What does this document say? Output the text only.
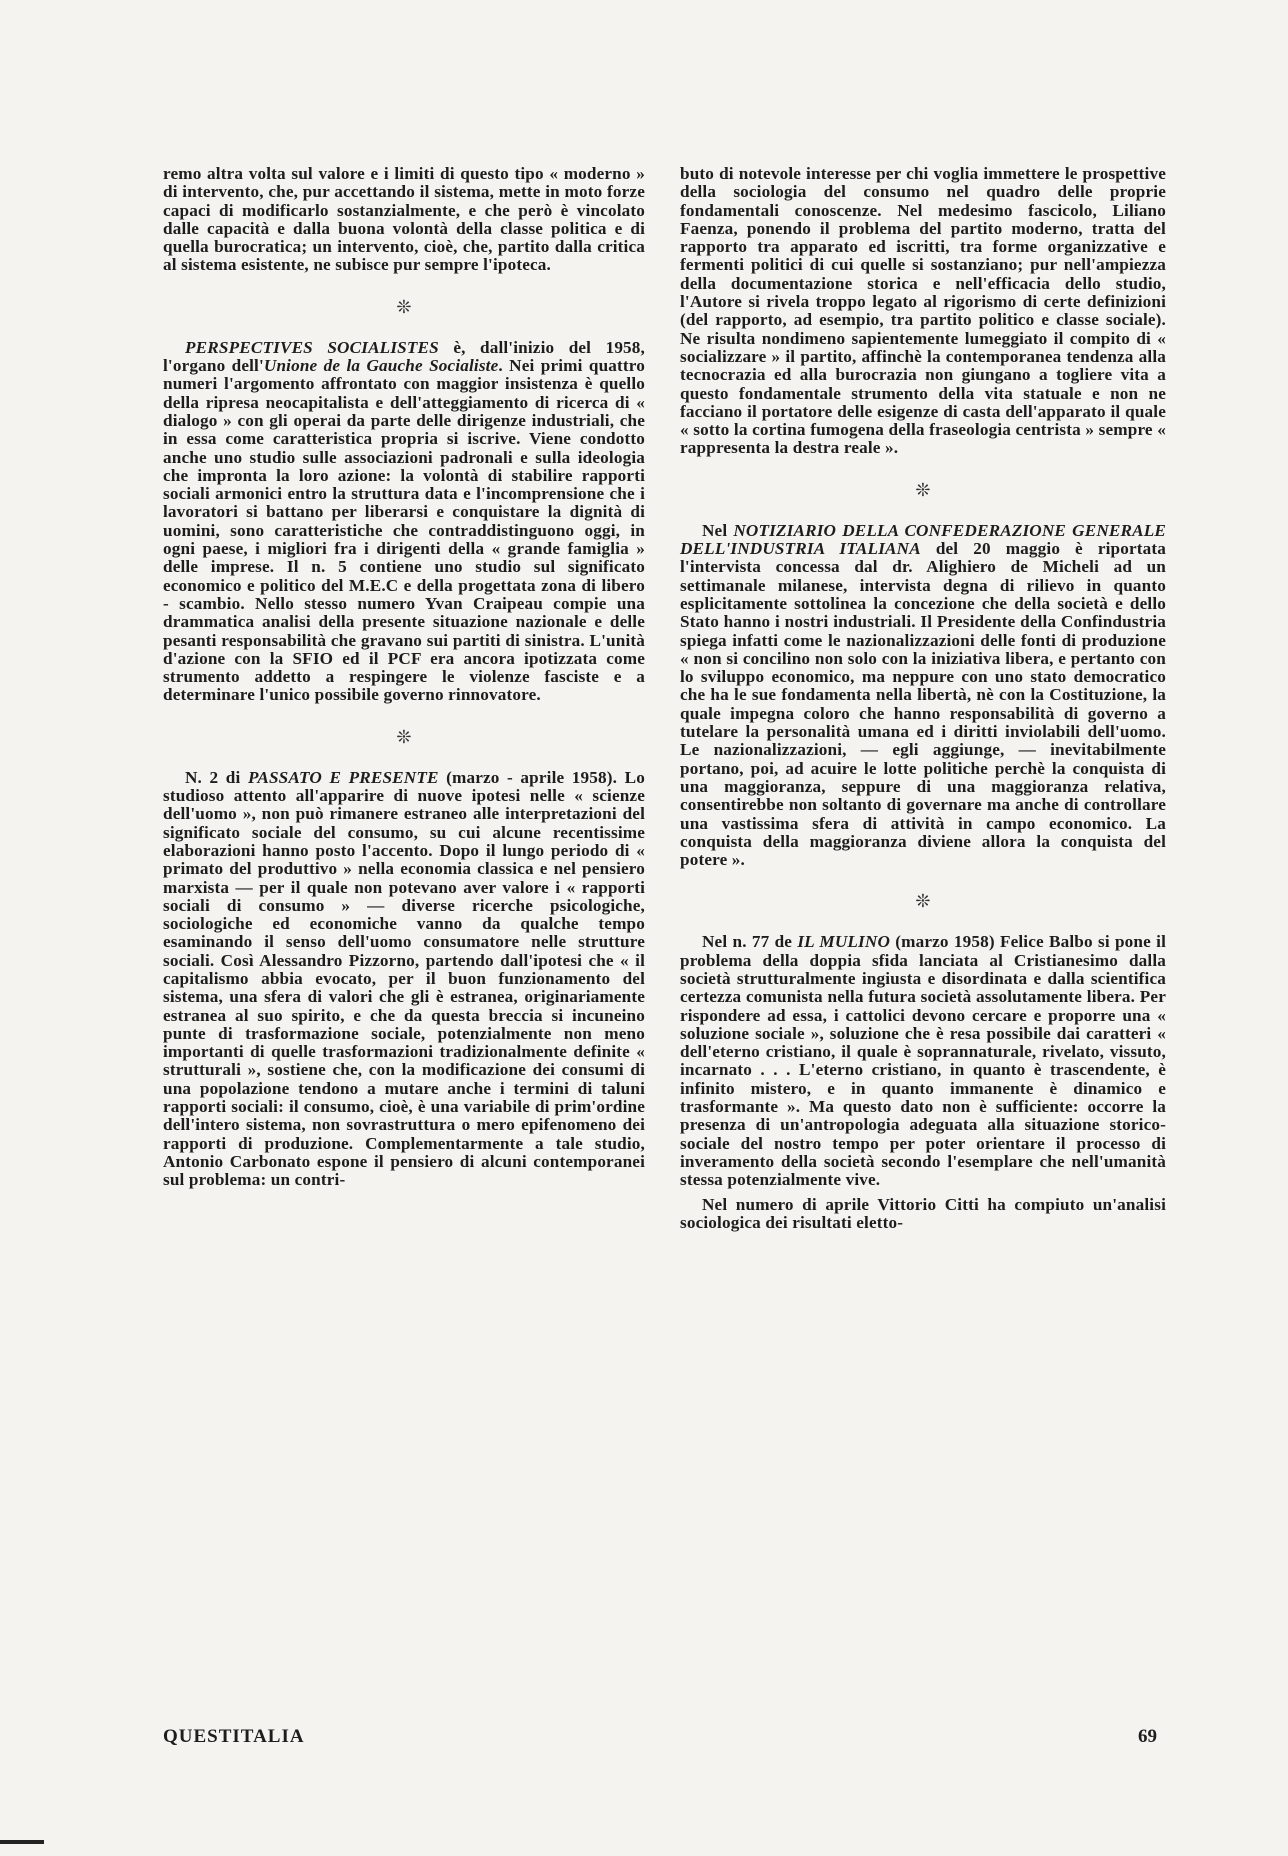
remo altra volta sul valore e i limiti di questo tipo « moderno » di intervento, che, pur accettando il sistema, mette in moto forze capaci di modificarlo sostanzialmente, e che però è vincolato dalle capacità e dalla buona volontà della classe politica e di quella burocratica; un intervento, cioè, che, partito dalla critica al sistema esistente, ne subisce pur sempre l'ipoteca.

❊

PERSPECTIVES SOCIALISTES è, dall'inizio del 1958, l'organo dell'Unione de la Gauche Socialiste. Nei primi quattro numeri l'argomento affrontato con maggior insistenza è quello della ripresa neocapitalista e dell'atteggiamento di ricerca di « dialogo » con gli operai da parte delle dirigenze industriali, che in essa come caratteristica propria si iscrive. Viene condotto anche uno studio sulle associazioni padronali e sulla ideologia che impronta la loro azione: la volontà di stabilire rapporti sociali armonici entro la struttura data e l'incomprensione che i lavoratori si battano per liberarsi e conquistare la dignità di uomini, sono caratteristiche che contraddistinguono oggi, in ogni paese, i migliori fra i dirigenti della « grande famiglia » delle imprese. Il n. 5 contiene uno studio sul significato economico e politico del M.E.C e della progettata zona di libero - scambio. Nello stesso numero Yvan Craipeau compie una drammatica analisi della presente situazione nazionale e delle pesanti responsabilità che gravano sui partiti di sinistra. L'unità d'azione con la SFIO ed il PCF era ancora ipotizzata come strumento addetto a respingere le violenze fasciste e a determinare l'unico possibile governo rinnovatore.

❊

N. 2 di PASSATO E PRESENTE (marzo - aprile 1958). Lo studioso attento all'apparire di nuove ipotesi nelle « scienze dell'uomo », non può rimanere estraneo alle interpretazioni del significato sociale del consumo, su cui alcune recentissime elaborazioni hanno posto l'accento. Dopo il lungo periodo di « primato del produttivo » nella economia classica e nel pensiero marxista — per il quale non potevano aver valore i « rapporti sociali di consumo » — diverse ricerche psicologiche, sociologiche ed economiche vanno da qualche tempo esaminando il senso dell'uomo consumatore nelle strutture sociali. Così Alessandro Pizzorno, partendo dall'ipotesi che « il capitalismo abbia evocato, per il buon funzionamento del sistema, una sfera di valori che gli è estranea, originariamente estranea al suo spirito, e che da questa breccia si incuneino punte di trasformazione sociale, potenzialmente non meno importanti di quelle trasformazioni tradizionalmente definite « strutturali », sostiene che, con la modificazione dei consumi di una popolazione tendono a mutare anche i termini di taluni rapporti sociali: il consumo, cioè, è una variabile di prim'ordine dell'intero sistema, non sovrastruttura o mero epifenomeno dei rapporti di produzione. Complementarmente a tale studio, Antonio Carbonato espone il pensiero di alcuni contemporanei sul problema: un contri-

buto di notevole interesse per chi voglia immettere le prospettive della sociologia del consumo nel quadro delle proprie fondamentali conoscenze. Nel medesimo fascicolo, Liliano Faenza, ponendo il problema del partito moderno, tratta del rapporto tra apparato ed iscritti, tra forme organizzative e fermenti politici di cui quelle si sostanziano; pur nell'ampiezza della documentazione storica e nell'efficacia dello studio, l'Autore si rivela troppo legato al rigorismo di certe definizioni (del rapporto, ad esempio, tra partito politico e classe sociale). Ne risulta nondimeno sapientemente lumeggiato il compito di « socializzare » il partito, affinchè la contemporanea tendenza alla tecnocrazia ed alla burocrazia non giungano a togliere vita a questo fondamentale strumento della vita statuale e non ne facciano il portatore delle esigenze di casta dell'apparato il quale « sotto la cortina fumogena della fraseologia centrista » sempre « rappresenta la destra reale ».

❊

Nel NOTIZIARIO DELLA CONFEDERAZIONE GENERALE DELL'INDUSTRIA ITALIANA del 20 maggio è riportata l'intervista concessa dal dr. Alighiero de Micheli ad un settimanale milanese, intervista degna di rilievo in quanto esplicitamente sottolinea la concezione che della società e dello Stato hanno i nostri industriali. Il Presidente della Confindustria spiega infatti come le nazionalizzazioni delle fonti di produzione « non si concilino non solo con la iniziativa libera, e pertanto con lo sviluppo economico, ma neppure con uno stato democratico che ha le sue fondamenta nella libertà, nè con la Costituzione, la quale impegna coloro che hanno responsabilità di governo a tutelare la personalità umana ed i diritti inviolabili dell'uomo. Le nazionalizzazioni, — egli aggiunge, — inevitabilmente portano, poi, ad acuire le lotte politiche perchè la conquista di una maggioranza, seppure di una maggioranza relativa, consentirebbe non soltanto di governare ma anche di controllare una vastissima sfera di attività in campo economico. La conquista della maggioranza diviene allora la conquista del potere ».

❊

Nel n. 77 de IL MULINO (marzo 1958) Felice Balbo si pone il problema della doppia sfida lanciata al Cristianesimo dalla società strutturalmente ingiusta e disordinata e dalla scientifica certezza comunista nella futura società assolutamente libera. Per rispondere ad essa, i cattolici devono cercare e proporre una « soluzione sociale », soluzione che è resa possibile dai caratteri « dell'eterno cristiano, il quale è soprannaturale, rivelato, vissuto, incarnato . . . L'eterno cristiano, in quanto è trascendente, è infinito mistero, e in quanto immanente è dinamico e trasformante ». Ma questo dato non è sufficiente: occorre la presenza di un'antropologia adeguata alla situazione storico-sociale del nostro tempo per poter orientare il processo di inveramento della società secondo l'esemplare che nell'umanità stessa potenzialmente vive.

Nel numero di aprile Vittorio Citti ha compiuto un'analisi sociologica dei risultati eletto-

QUESTITALIA	69
